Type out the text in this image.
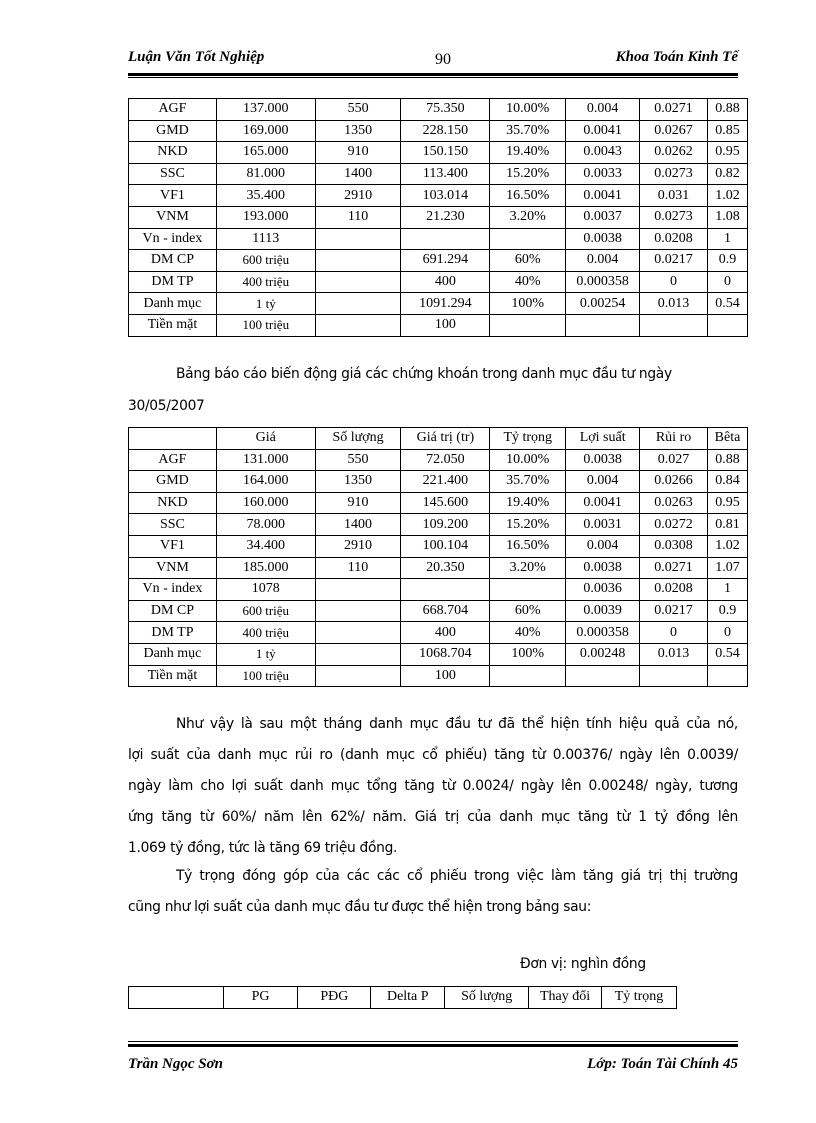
Luận Văn Tốt Nghiệp	90	Khoa Toán Kinh Tế
AGF	137.000	550	75.350	10.00%	0.004	0.0271	0.88
GMD	169.000	1350	228.150	35.70%	0.0041	0.0267	0.85
NKD	165.000	910	150.150	19.40%	0.0043	0.0262	0.95
SSC	81.000	1400	113.400	15.20%	0.0033	0.0273	0.82
VF1	35.400	2910	103.014	16.50%	0.0041	0.031	1.02
VNM	193.000	110	21.230	3.20%	0.0037	0.0273	1.08
Vn - index	1113				0.0038	0.0208	1
DM CP	600 triệu		691.294	60%	0.004	0.0217	0.9
DM TP	400 triệu		400	40%	0.000358	0	0
Danh mục	1 tỷ		1091.294	100%	0.00254	0.013	0.54
Tiền mặt	100 triệu		100				
Bảng báo cáo biến động giá các chứng khoán trong danh mục đầu tư ngày
30/05/2007
	Giá	Số lượng	Giá trị (tr)	Tỷ trọng	Lợi suất	Rủi ro	Bêta
AGF	131.000	550	72.050	10.00%	0.0038	0.027	0.88
GMD	164.000	1350	221.400	35.70%	0.004	0.0266	0.84
NKD	160.000	910	145.600	19.40%	0.0041	0.0263	0.95
SSC	78.000	1400	109.200	15.20%	0.0031	0.0272	0.81
VF1	34.400	2910	100.104	16.50%	0.004	0.0308	1.02
VNM	185.000	110	20.350	3.20%	0.0038	0.0271	1.07
Vn - index	1078				0.0036	0.0208	1
DM CP	600 triệu		668.704	60%	0.0039	0.0217	0.9
DM TP	400 triệu		400	40%	0.000358	0	0
Danh mục	1 tỷ		1068.704	100%	0.00248	0.013	0.54
Tiền mặt	100 triệu		100				
Như vậy là sau một tháng danh mục đầu tư đã thể hiện tính hiệu quả của nó,
lợi suất của danh mục rủi ro (danh mục cổ phiếu) tăng từ 0.00376/ ngày lên 0.0039/
ngày làm cho lợi suất danh mục tổng tăng từ 0.0024/ ngày lên 0.00248/ ngày, tương
ứng tăng từ 60%/ năm lên 62%/ năm. Giá trị của danh mục tăng từ 1 tỷ đồng lên
1.069 tỷ đồng, tức là tăng 69 triệu đồng.
Tỷ trọng đóng góp của các các cổ phiếu trong việc làm tăng giá trị thị trường
cũng như lợi suất của danh mục đầu tư được thể hiện trong bảng sau:
Đơn vị: nghìn đồng
	PG	PĐG	Delta P	Số lượng	Thay đổi	Tỷ trọng
Trần Ngọc Sơn	Lớp: Toán Tài Chính 45
